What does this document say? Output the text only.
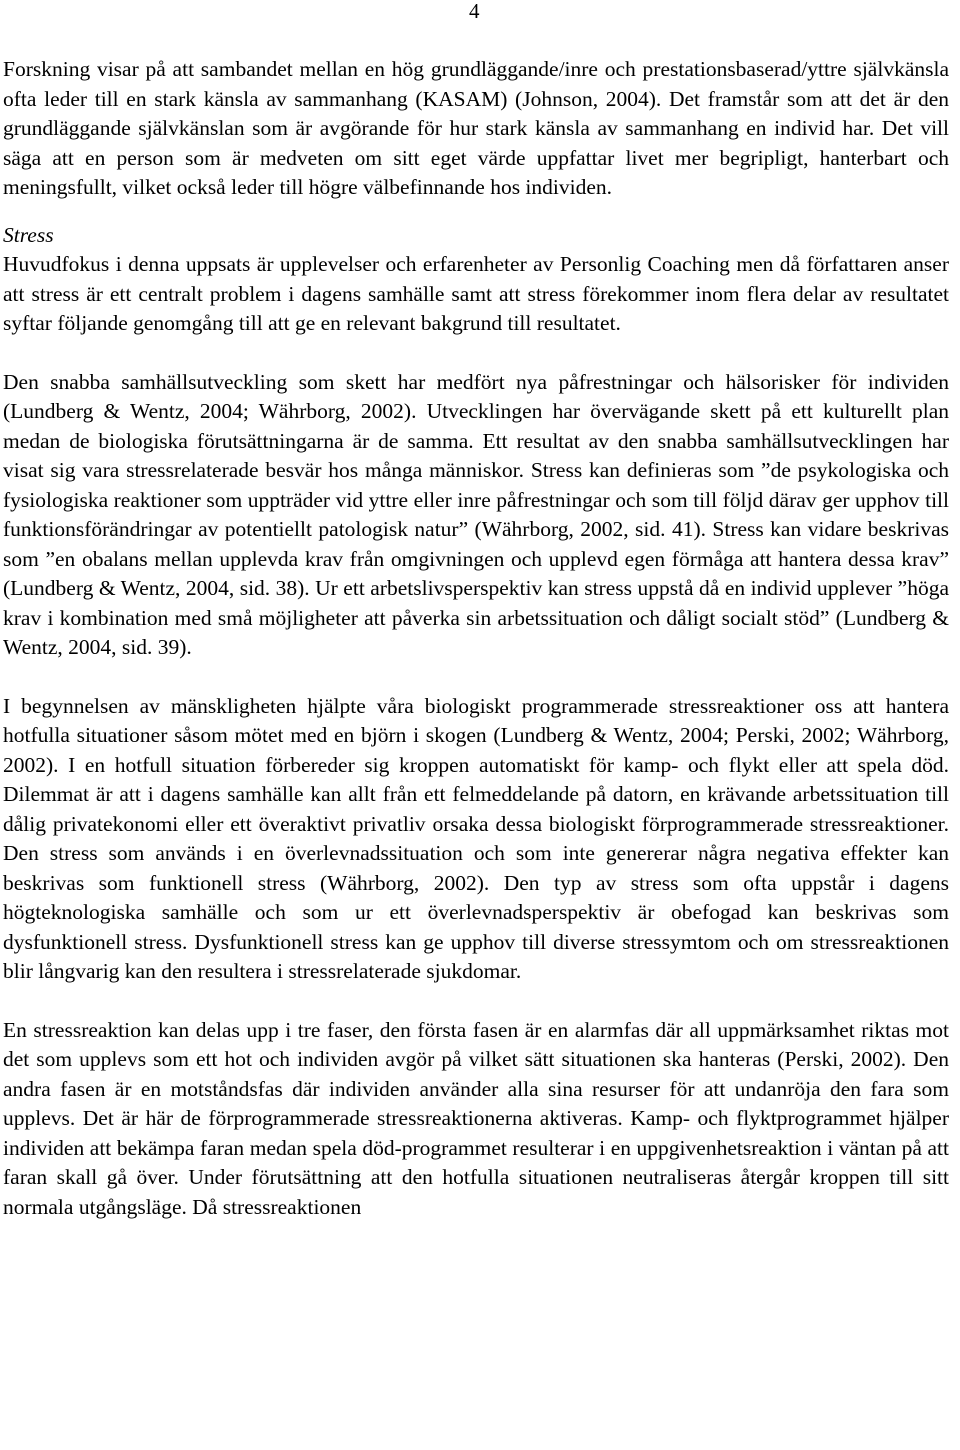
4

Forskning visar på att sambandet mellan en hög grundläggande/inre och prestationsbaserad/yttre självkänsla ofta leder till en stark känsla av sammanhang (KASAM) (Johnson, 2004). Det framstår som att det är den grundläggande självkänslan som är avgörande för hur stark känsla av sammanhang en individ har. Det vill säga att en person som är medveten om sitt eget värde uppfattar livet mer begripligt, hanterbart och meningsfullt, vilket också leder till högre välbefinnande hos individen.

Stress

Huvudfokus i denna uppsats är upplevelser och erfarenheter av Personlig Coaching men då författaren anser att stress är ett centralt problem i dagens samhälle samt att stress förekommer inom flera delar av resultatet syftar följande genomgång till att ge en relevant bakgrund till resultatet.

Den snabba samhällsutveckling som skett har medfört nya påfrestningar och hälsorisker för individen (Lundberg & Wentz, 2004; Währborg, 2002). Utvecklingen har övervägande skett på ett kulturellt plan medan de biologiska förutsättningarna är de samma. Ett resultat av den snabba samhällsutvecklingen har visat sig vara stressrelaterade besvär hos många människor. Stress kan definieras som ”de psykologiska och fysiologiska reaktioner som uppträder vid yttre eller inre påfrestningar och som till följd därav ger upphov till funktionsförändringar av potentiellt patologisk natur” (Währborg, 2002, sid. 41). Stress kan vidare beskrivas som ”en obalans mellan upplevda krav från omgivningen och upplevd egen förmåga att hantera dessa krav” (Lundberg & Wentz, 2004, sid. 38). Ur ett arbetslivsperspektiv kan stress uppstå då en individ upplever ”höga krav i kombination med små möjligheter att påverka sin arbetssituation och dåligt socialt stöd” (Lundberg & Wentz, 2004, sid. 39).

I begynnelsen av mänskligheten hjälpte våra biologiskt programmerade stressreaktioner oss att hantera hotfulla situationer såsom mötet med en björn i skogen (Lundberg & Wentz, 2004; Perski, 2002; Währborg, 2002). I en hotfull situation förbereder sig kroppen automatiskt för kamp- och flykt eller att spela död. Dilemmat är att i dagens samhälle kan allt från ett felmeddelande på datorn, en krävande arbetssituation till dålig privatekonomi eller ett överaktivt privatliv orsaka dessa biologiskt förprogrammerade stressreaktioner. Den stress som används i en överlevnadssituation och som inte genererar några negativa effekter kan beskrivas som funktionell stress (Währborg, 2002). Den typ av stress som ofta uppstår i dagens högteknologiska samhälle och som ur ett överlevnadsperspektiv är obefogad kan beskrivas som dysfunktionell stress. Dysfunktionell stress kan ge upphov till diverse stressymtom och om stressreaktionen blir långvarig kan den resultera i stressrelaterade sjukdomar.

En stressreaktion kan delas upp i tre faser, den första fasen är en alarmfas där all uppmärksamhet riktas mot det som upplevs som ett hot och individen avgör på vilket sätt situationen ska hanteras (Perski, 2002). Den andra fasen är en motståndsfas där individen använder alla sina resurser för att undanröja den fara som upplevs. Det är här de förprogrammerade stressreaktionerna aktiveras. Kamp- och flyktprogrammet hjälper individen att bekämpa faran medan spela död-programmet resulterar i en uppgivenhetsreaktion i väntan på att faran skall gå över. Under förutsättning att den hotfulla situationen neutraliseras återgår kroppen till sitt normala utgångsläge. Då stressreaktionen
